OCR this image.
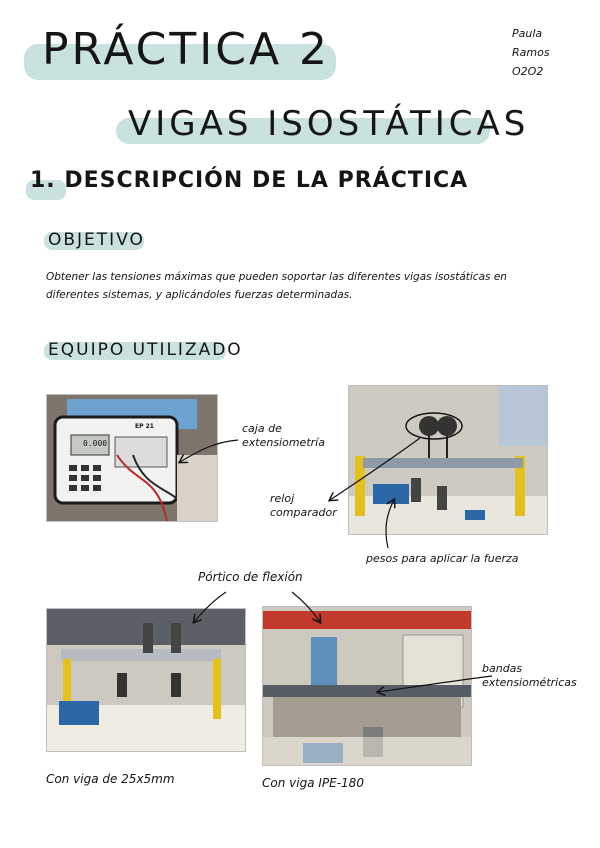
PRÁCTICA 2
VIGAS ISOSTÁTICAS
Paula
Ramos
O2O2
1. DESCRIPCIÓN DE LA PRÁCTICA
OBJETIVO
Obtener las tensiones máximas que pueden soportar las diferentes vigas isostáticas en diferentes sistemas, y aplicándoles fuerzas determinadas.
EQUIPO UTILIZADO
0.000
EP 21	caja de extensiometría
reloj comparador
pesos para aplicar la fuerza
Pórtico de flexión
bandas extensiométricas
Con viga de 25x5mm	Con viga IPE-180
